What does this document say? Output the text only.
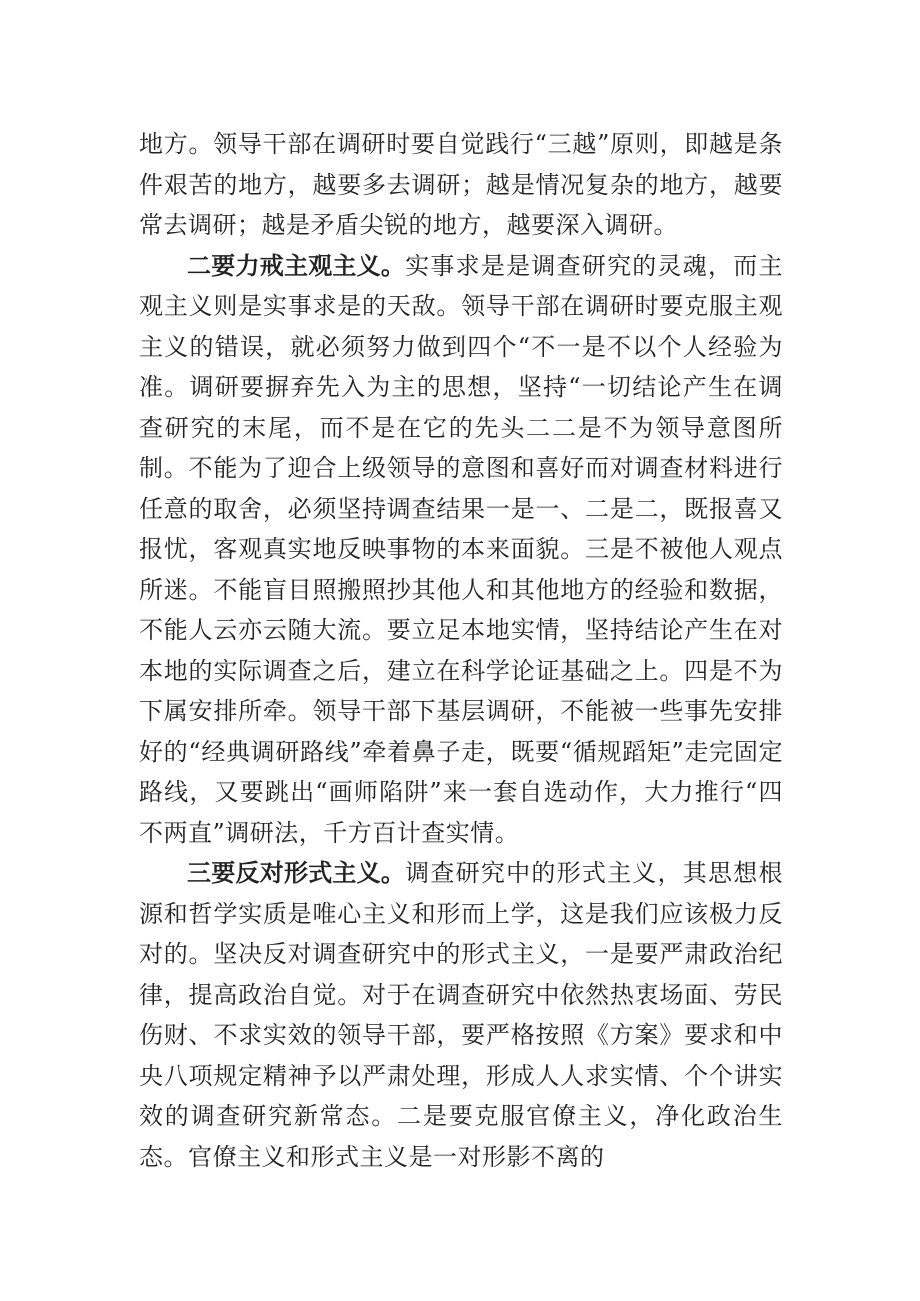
地方。领导干部在调研时要自觉践行“三越”原则，即越是条件艰苦的地方，越要多去调研；越是情况复杂的地方，越要常去调研；越是矛盾尖锐的地方，越要深入调研。

二要力戒主观主义。实事求是是调查研究的灵魂，而主观主义则是实事求是的天敌。领导干部在调研时要克服主观主义的错误，就必须努力做到四个“不一是不以个人经验为准。调研要摒弃先入为主的思想，坚持“一切结论产生在调查研究的末尾，而不是在它的先头二二是不为领导意图所制。不能为了迎合上级领导的意图和喜好而对调查材料进行任意的取舍，必须坚持调查结果一是一、二是二，既报喜又报忧，客观真实地反映事物的本来面貌。三是不被他人观点所迷。不能盲目照搬照抄其他人和其他地方的经验和数据，不能人云亦云随大流。要立足本地实情，坚持结论产生在对本地的实际调查之后，建立在科学论证基础之上。四是不为下属安排所牵。领导干部下基层调研，不能被一些事先安排好的“经典调研路线”牵着鼻子走，既要“循规蹈矩”走完固定路线，又要跳出“画师陷阱”来一套自选动作，大力推行“四不两直”调研法，千方百计查实情。

三要反对形式主义。调查研究中的形式主义，其思想根源和哲学实质是唯心主义和形而上学，这是我们应该极力反对的。坚决反对调查研究中的形式主义，一是要严肃政治纪律，提高政治自觉。对于在调查研究中依然热衷场面、劳民伤财、不求实效的领导干部，要严格按照《方案》要求和中央八项规定精神予以严肃处理，形成人人求实情、个个讲实效的调查研究新常态。二是要克服官僚主义，净化政治生态。官僚主义和形式主义是一对形影不离的
